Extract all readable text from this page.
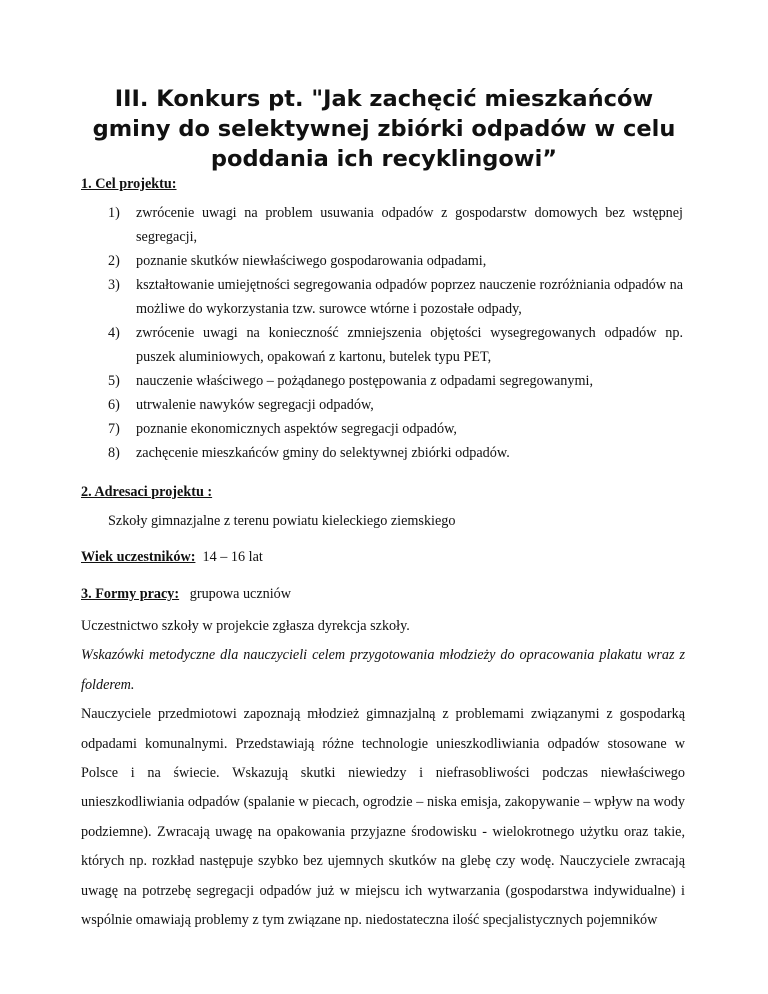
III. Konkurs pt. "Jak zachęcić mieszkańców gminy do selektywnej zbiórki odpadów w celu poddania ich recyklingowi”
1. Cel projektu:
1)	zwrócenie uwagi na problem usuwania odpadów z gospodarstw domowych bez wstępnej segregacji,
2)	poznanie skutków niewłaściwego gospodarowania odpadami,
3)	kształtowanie umiejętności segregowania odpadów poprzez nauczenie rozróżniania odpadów na możliwe do wykorzystania tzw. surowce wtórne i pozostałe odpady,
4)	zwrócenie uwagi na konieczność zmniejszenia objętości wysegregowanych odpadów np. puszek aluminiowych, opakowań z kartonu, butelek typu PET,
5)	nauczenie właściwego – pożądanego postępowania z odpadami segregowanymi,
6)	utrwalenie nawyków segregacji odpadów,
7)	poznanie ekonomicznych aspektów segregacji odpadów,
8)	zachęcenie mieszkańców gminy do selektywnej zbiórki odpadów.
2. Adresaci projektu :
Szkoły gimnazjalne z terenu powiatu kieleckiego ziemskiego
Wiek uczestników: 14 – 16 lat
3. Formy pracy: grupowa uczniów

Uczestnictwo szkoły w projekcie zgłasza dyrekcja szkoły.

Wskazówki metodyczne dla nauczycieli celem przygotowania młodzieży do opracowania plakatu wraz z folderem.

Nauczyciele przedmiotowi zapoznają młodzież gimnazjalną z problemami związanymi z gospodarką odpadami komunalnymi. Przedstawiają różne technologie unieszkodliwiania odpadów stosowane w Polsce i na świecie. Wskazują skutki niewiedzy i niefrasobliwości podczas niewłaściwego unieszkodliwiania odpadów (spalanie w piecach, ogrodzie – niska emisja, zakopywanie – wpływ na wody podziemne). Zwracają uwagę na opakowania przyjazne środowisku - wielokrotnego użytku oraz takie, których np. rozkład następuje szybko bez ujemnych skutków na glebę czy wodę. Nauczyciele zwracają uwagę na potrzebę segregacji odpadów już w miejscu ich wytwarzania (gospodarstwa indywidualne) i wspólnie omawiają problemy z tym związane np. niedostateczna ilość specjalistycznych pojemników
